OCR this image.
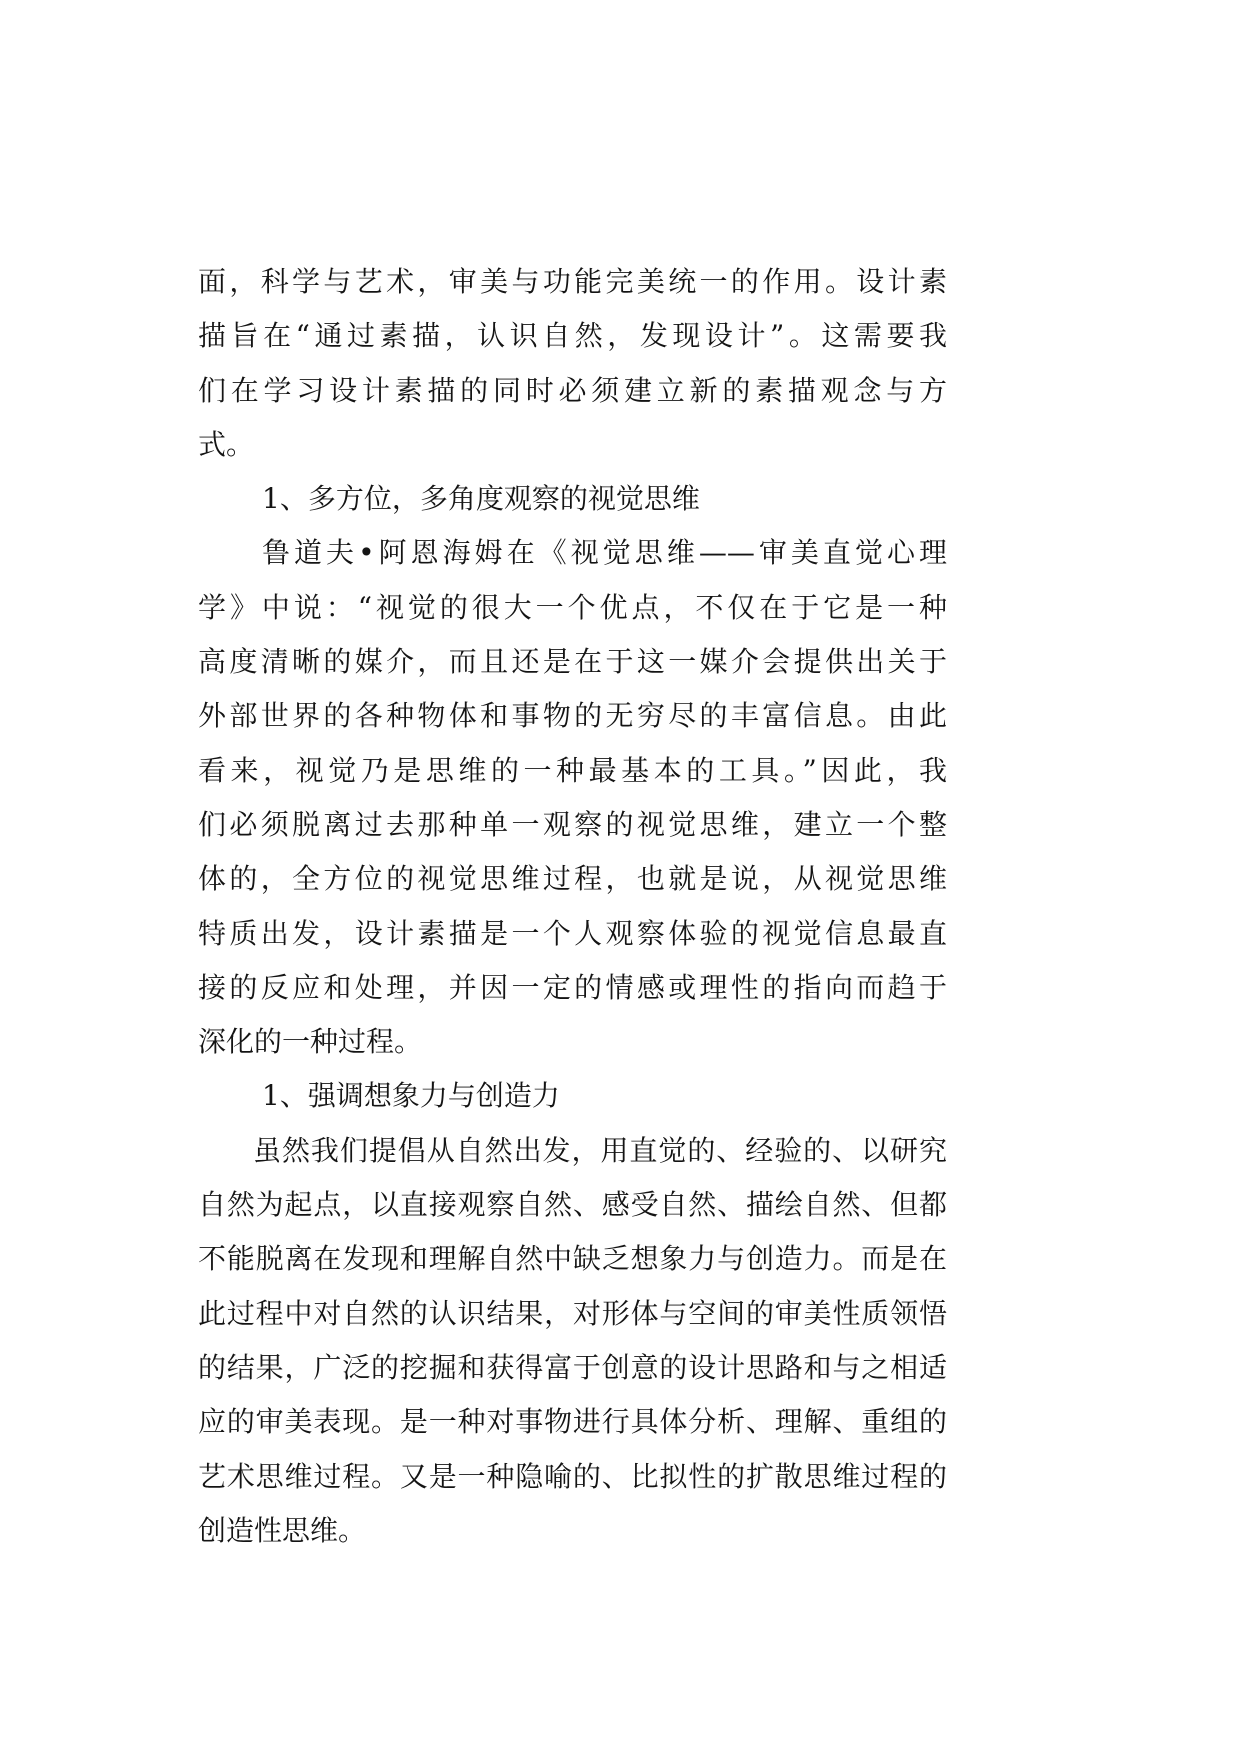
面，科学与艺术，审美与功能完美统一的作用。设计素
描旨在“通过素描，认识自然，发现设计”。这需要我
们在学习设计素描的同时必须建立新的素描观念与方
式。
1、多方位，多角度观察的视觉思维
鲁道夫•阿恩海姆在《视觉思维——审美直觉心理
学》中说：“视觉的很大一个优点，不仅在于它是一种
高度清晰的媒介，而且还是在于这一媒介会提供出关于
外部世界的各种物体和事物的无穷尽的丰富信息。由此
看来，视觉乃是思维的一种最基本的工具。”因此，我
们必须脱离过去那种单一观察的视觉思维，建立一个整
体的，全方位的视觉思维过程，也就是说，从视觉思维
特质出发，设计素描是一个人观察体验的视觉信息最直
接的反应和处理，并因一定的情感或理性的指向而趋于
深化的一种过程。
1、强调想象力与创造力
虽然我们提倡从自然出发，用直觉的、经验的、以研究
自然为起点，以直接观察自然、感受自然、描绘自然、但都
不能脱离在发现和理解自然中缺乏想象力与创造力。而是在
此过程中对自然的认识结果，对形体与空间的审美性质领悟
的结果，广泛的挖掘和获得富于创意的设计思路和与之相适
应的审美表现。是一种对事物进行具体分析、理解、重组的
艺术思维过程。又是一种隐喻的、比拟性的扩散思维过程的
创造性思维。
